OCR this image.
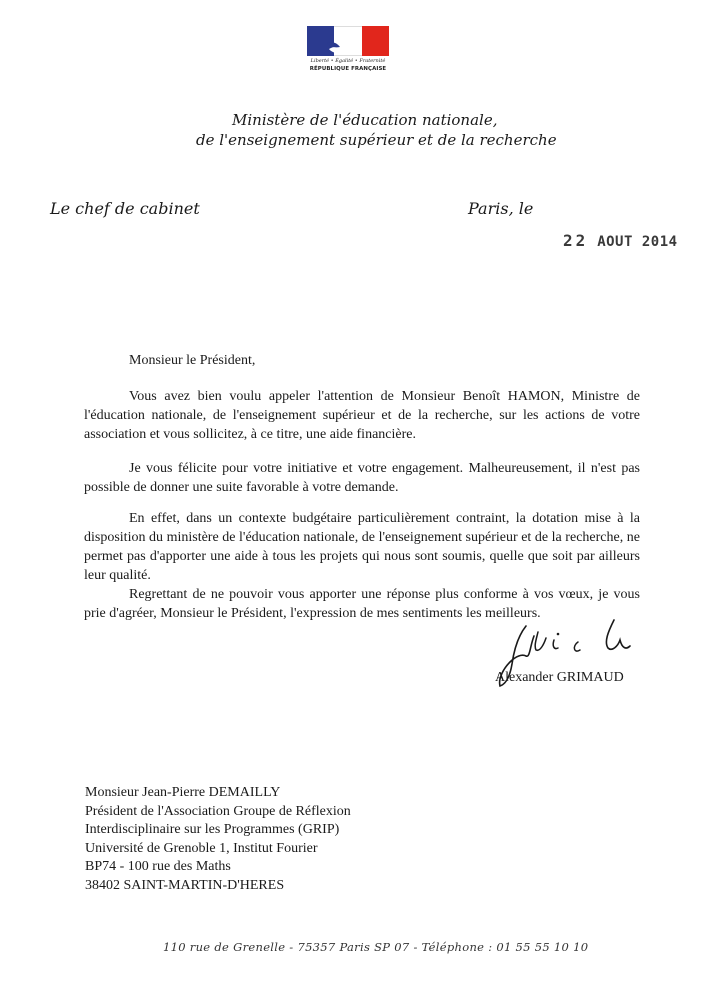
Liberté • Égalité • Fraternité
RÉPUBLIQUE FRANÇAISE
Ministère de l'éducation nationale,
de l'enseignement supérieur et de la recherche
Le chef de cabinet	Paris, le
22 AOUT 2014
Monsieur le Président,

Vous avez bien voulu appeler l'attention de Monsieur Benoît HAMON, Ministre de l'éducation nationale, de l'enseignement supérieur et de la recherche, sur les actions de votre association et vous sollicitez, à ce titre, une aide financière.

Je vous félicite pour votre initiative et votre engagement. Malheureusement, il n'est pas possible de donner une suite favorable à votre demande.

En effet, dans un contexte budgétaire particulièrement contraint, la dotation mise à la disposition du ministère de l'éducation nationale, de l'enseignement supérieur et de la recherche, ne permet pas d'apporter une aide à tous les projets qui nous sont soumis, quelle que soit par ailleurs leur qualité.

Regrettant de ne pouvoir vous apporter une réponse plus conforme à vos vœux, je vous prie d'agréer, Monsieur le Président, l'expression de mes sentiments les meilleurs.

Alexander GRIMAUD
Monsieur Jean-Pierre DEMAILLY
Président de l'Association Groupe de Réflexion
Interdisciplinaire sur les Programmes (GRIP)
Université de Grenoble 1, Institut Fourier
BP74 - 100 rue des Maths
38402 SAINT-MARTIN-D'HERES
110 rue de Grenelle - 75357 Paris SP 07 - Téléphone : 01 55 55 10 10
